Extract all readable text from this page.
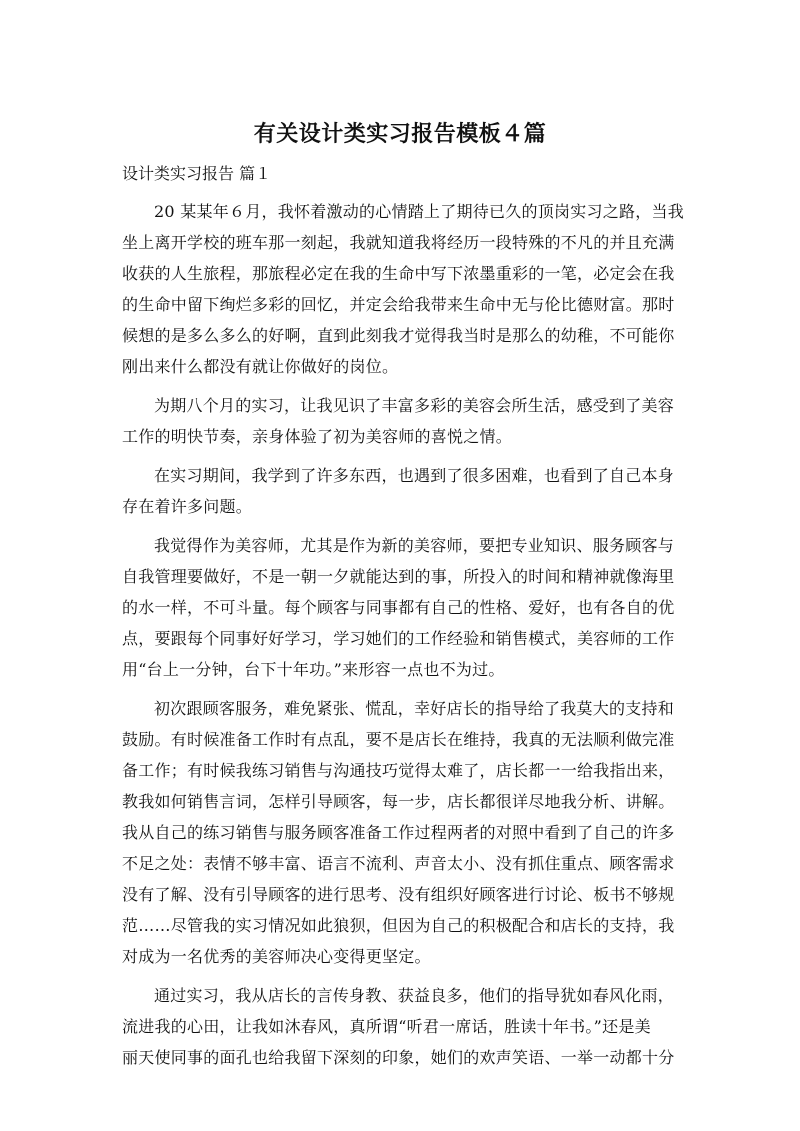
有关设计类实习报告模板４篇
设计类实习报告 篇１
20 某某年６月，我怀着激动的心情踏上了期待已久的顶岗实习之路，当我
坐上离开学校的班车那一刻起，我就知道我将经历一段特殊的不凡的并且充满
收获的人生旅程，那旅程必定在我的生命中写下浓墨重彩的一笔，必定会在我
的生命中留下绚烂多彩的回忆，并定会给我带来生命中无与伦比德财富。那时
候想的是多么多么的好啊，直到此刻我才觉得我当时是那么的幼稚，不可能你
刚出来什么都没有就让你做好的岗位。
为期八个月的实习，让我见识了丰富多彩的美容会所生活，感受到了美容
工作的明快节奏，亲身体验了初为美容师的喜悦之情。
在实习期间，我学到了许多东西，也遇到了很多困难，也看到了自己本身
存在着许多问题。
我觉得作为美容师，尤其是作为新的美容师，要把专业知识、服务顾客与
自我管理要做好，不是一朝一夕就能达到的事，所投入的时间和精神就像海里
的水一样，不可斗量。每个顾客与同事都有自己的性格、爱好，也有各自的优
点，要跟每个同事好好学习，学习她们的工作经验和销售模式，美容师的工作
用“台上一分钟，台下十年功。”来形容一点也不为过。
初次跟顾客服务，难免紧张、慌乱，幸好店长的指导给了我莫大的支持和
鼓励。有时候准备工作时有点乱，要不是店长在维持，我真的无法顺利做完准
备工作；有时候我练习销售与沟通技巧觉得太难了，店长都一一给我指出来，
教我如何销售言词，怎样引导顾客，每一步，店长都很详尽地我分析、讲解。
我从自己的练习销售与服务顾客准备工作过程两者的对照中看到了自己的许多
不足之处：表情不够丰富、语言不流利、声音太小、没有抓住重点、顾客需求
没有了解、没有引导顾客的进行思考、没有组织好顾客进行讨论、板书不够规
范……尽管我的实习情况如此狼狈，但因为自己的积极配合和店长的支持，我
对成为一名优秀的美容师决心变得更坚定。
通过实习，我从店长的言传身教、获益良多，他们的指导犹如春风化雨，
流进我的心田，让我如沐春风，真所谓“听君一席话，胜读十年书。”还是美
丽天使同事的面孔也给我留下深刻的印象，她们的欢声笑语、一举一动都十分
